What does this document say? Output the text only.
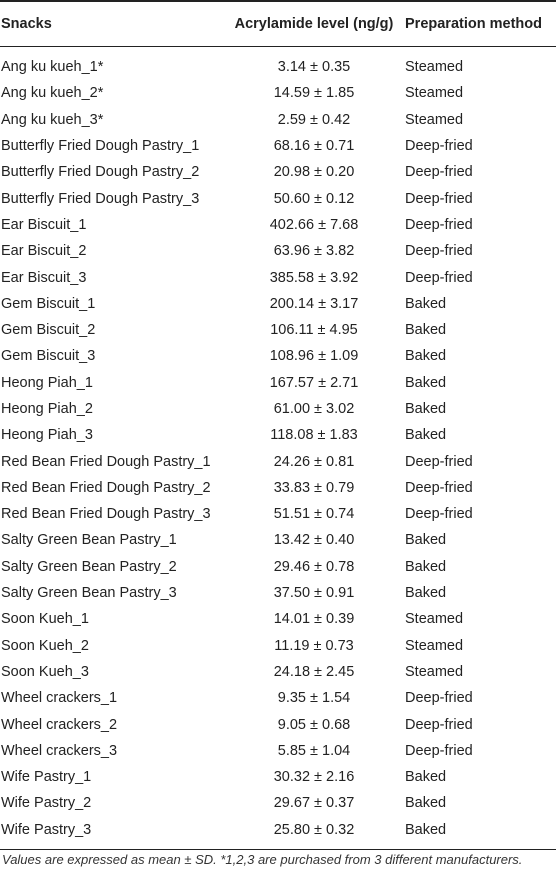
Snacks	Acrylamide level (ng/g)	Preparation method
Ang ku kueh_1*	3.14 ± 0.35	Steamed
Ang ku kueh_2*	14.59 ± 1.85	Steamed
Ang ku kueh_3*	2.59 ± 0.42	Steamed
Butterfly Fried Dough Pastry_1	68.16 ± 0.71	Deep-fried
Butterfly Fried Dough Pastry_2	20.98 ± 0.20	Deep-fried
Butterfly Fried Dough Pastry_3	50.60 ± 0.12	Deep-fried
Ear Biscuit_1	402.66 ± 7.68	Deep-fried
Ear Biscuit_2	63.96 ± 3.82	Deep-fried
Ear Biscuit_3	385.58 ± 3.92	Deep-fried
Gem Biscuit_1	200.14 ± 3.17	Baked
Gem Biscuit_2	106.11 ± 4.95	Baked
Gem Biscuit_3	108.96 ± 1.09	Baked
Heong Piah_1	167.57 ± 2.71	Baked
Heong Piah_2	61.00 ± 3.02	Baked
Heong Piah_3	118.08 ± 1.83	Baked
Red Bean Fried Dough Pastry_1	24.26 ± 0.81	Deep-fried
Red Bean Fried Dough Pastry_2	33.83 ± 0.79	Deep-fried
Red Bean Fried Dough Pastry_3	51.51 ± 0.74	Deep-fried
Salty Green Bean Pastry_1	13.42 ± 0.40	Baked
Salty Green Bean Pastry_2	29.46 ± 0.78	Baked
Salty Green Bean Pastry_3	37.50 ± 0.91	Baked
Soon Kueh_1	14.01 ± 0.39	Steamed
Soon Kueh_2	11.19 ± 0.73	Steamed
Soon Kueh_3	24.18 ± 2.45	Steamed
Wheel crackers_1	9.35 ± 1.54	Deep-fried
Wheel crackers_2	9.05 ± 0.68	Deep-fried
Wheel crackers_3	5.85 ± 1.04	Deep-fried
Wife Pastry_1	30.32 ± 2.16	Baked
Wife Pastry_2	29.67 ± 0.37	Baked
Wife Pastry_3	25.80 ± 0.32	Baked
Values are expressed as mean ± SD. *1,2,3 are purchased from 3 different manufacturers.
